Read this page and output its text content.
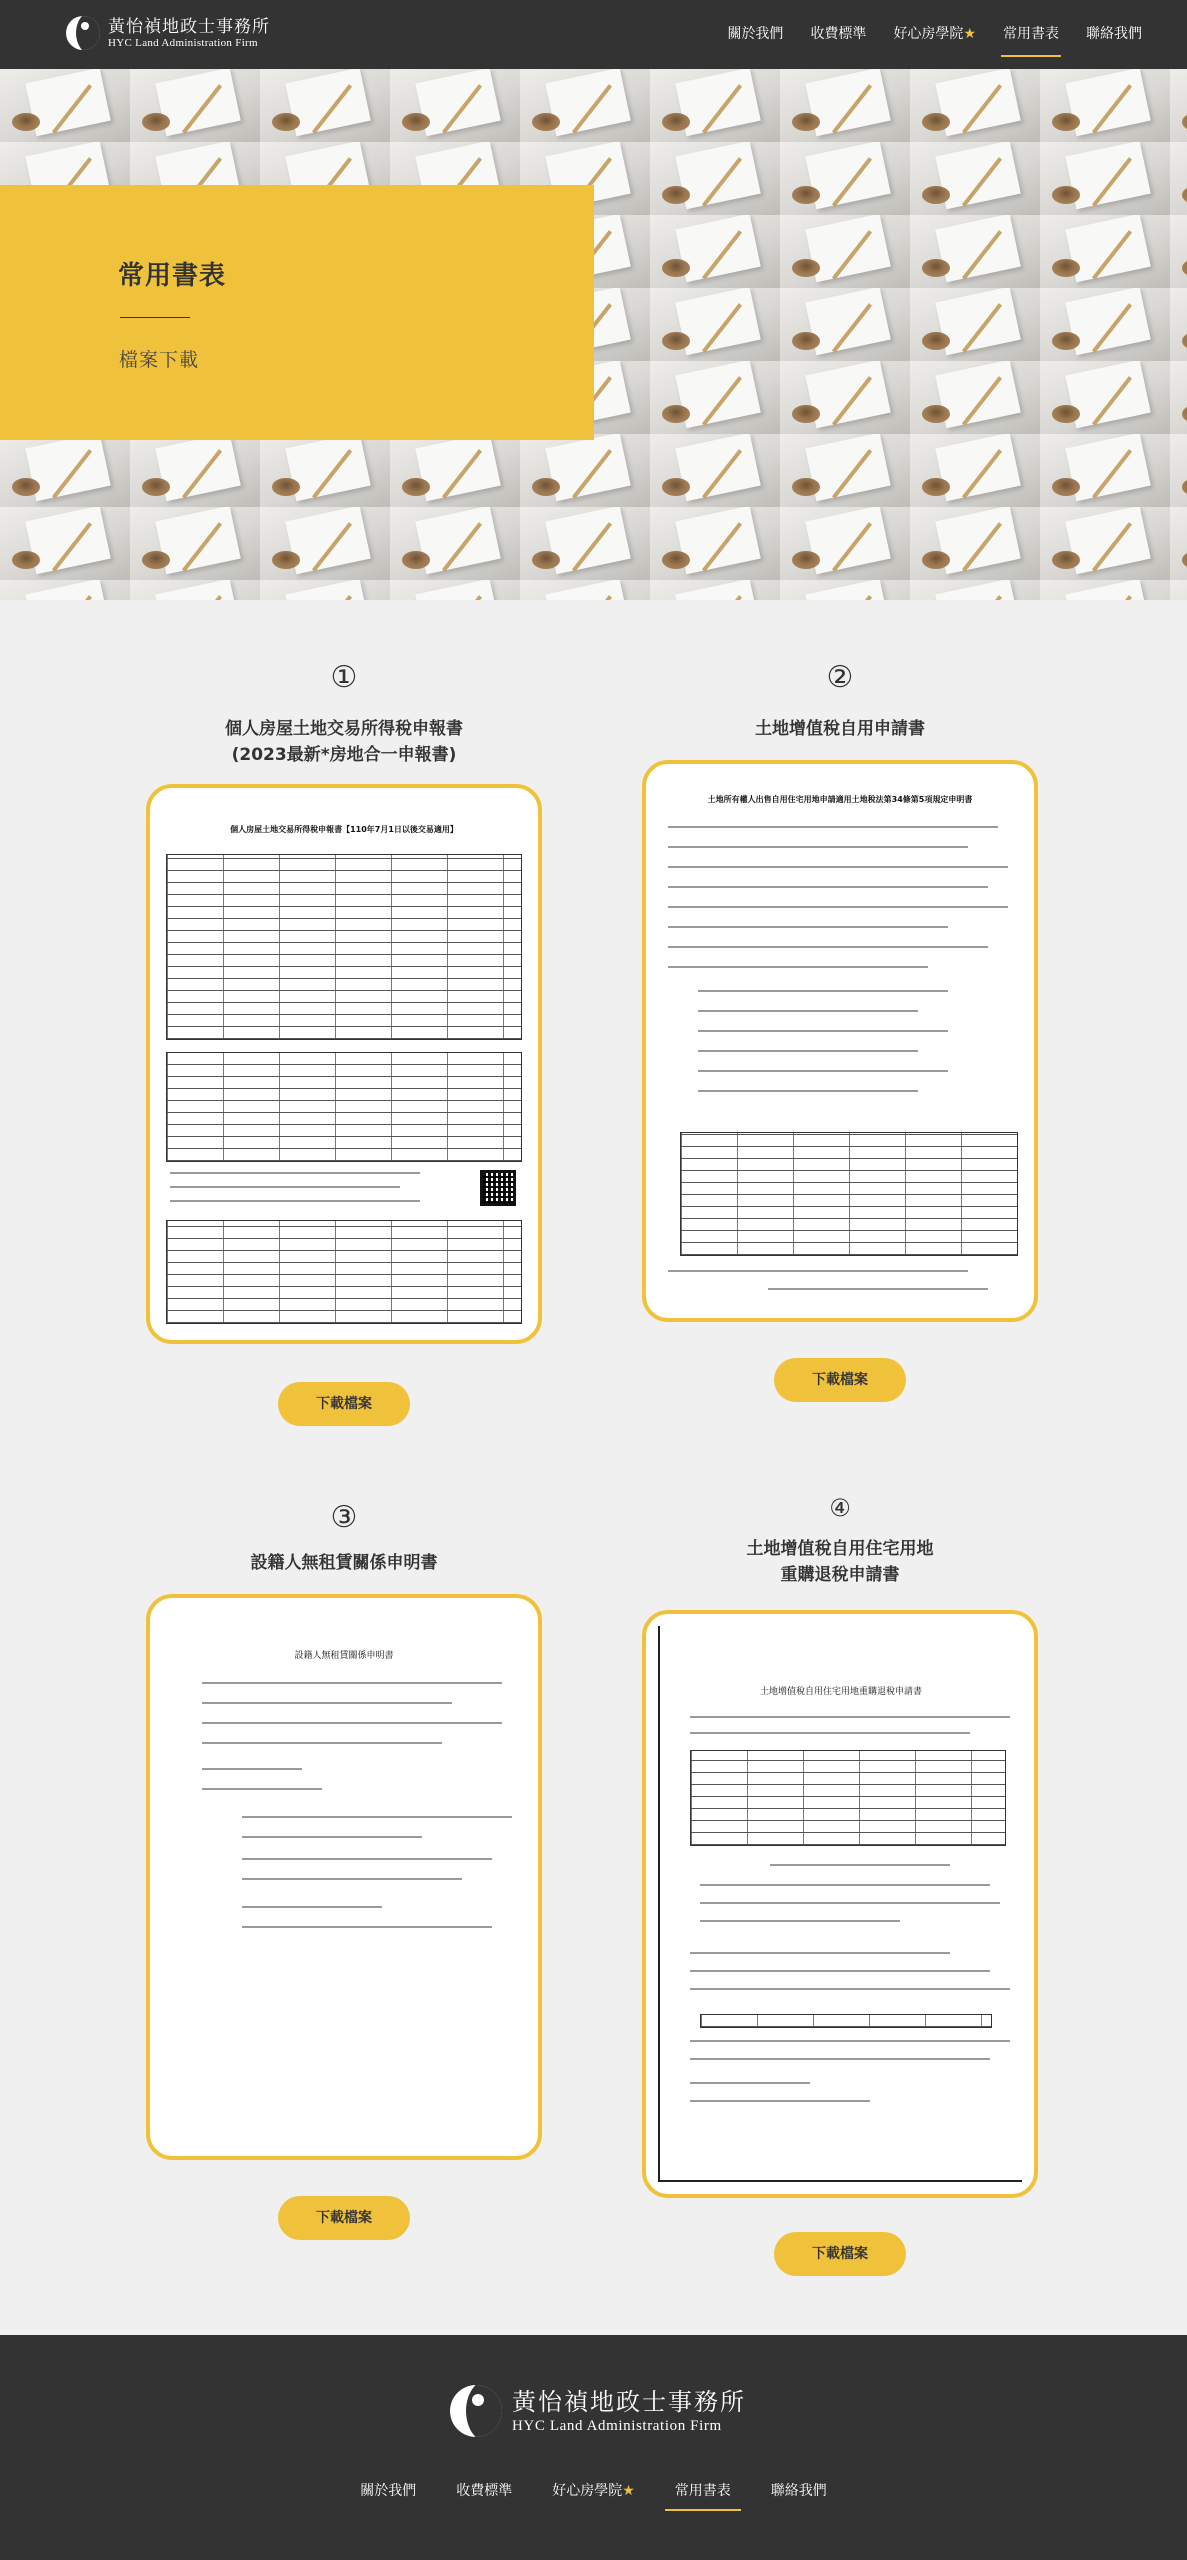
黃怡禎地政士事務所
HYC Land Administration Firm
關於我們 收費標準 好心房學院★ 常用書表 聯絡我們
常用書表
檔案下載
①
個人房屋土地交易所得稅申報書
(2023最新*房地合一申報書)
個人房屋土地交易所得稅申報書【110年7月1日以後交易適用】
下載檔案
②
土地增值稅自用申請書
土地所有權人出售自用住宅用地申請適用土地稅法第34條第5項規定申明書
下載檔案
③
設籍人無租賃關係申明書
設籍人無租賃關係申明書
下載檔案
④
土地增值稅自用住宅用地
重購退稅申請書
土地增值稅自用住宅用地重購退稅申請書
下載檔案
黃怡禎地政士事務所
HYC Land Administration Firm
關於我們	收費標準	好心房學院★	常用書表	聯絡我們
